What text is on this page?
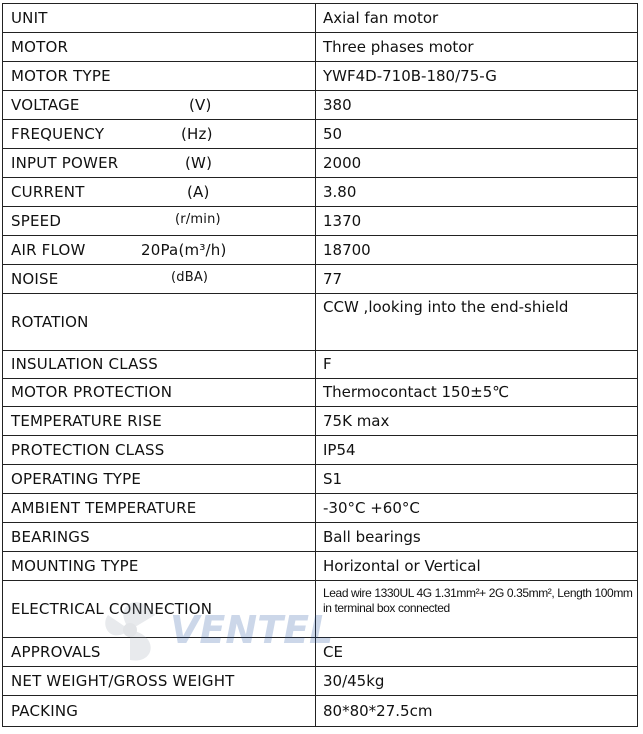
UNIT	Axial fan motor
MOTOR	Three phases motor
MOTOR TYPE	YWF4D-710B-180/75-G

VOLTAGE (V)	380

FREQUENCY (Hz)	50

INPUT POWER (W)	2000

CURRENT (A)	3.80

SPEED (r/min)	1370

AIR FLOW 20Pa(m³/h)	18700

NOISE (dBA)	77
ROTATION	CCW ,looking into the end-shield
INSULATION CLASS	F
MOTOR PROTECTION	Thermocontact 150±5℃
TEMPERATURE RISE	75K max
PROTECTION CLASS	IP54
OPERATING TYPE	S1
AMBIENT TEMPERATURE	-30°C +60°C
BEARINGS	Ball bearings
MOUNTING TYPE	Horizontal or Vertical
ELECTRICAL CONNECTION	Lead wire 1330UL 4G 1.31mm²+ 2G 0.35mm², Length 100mm in terminal box connected
APPROVALS	CE
NET WEIGHT/GROSS WEIGHT	30/45kg
PACKING	80*80*27.5cm
VENTEL
